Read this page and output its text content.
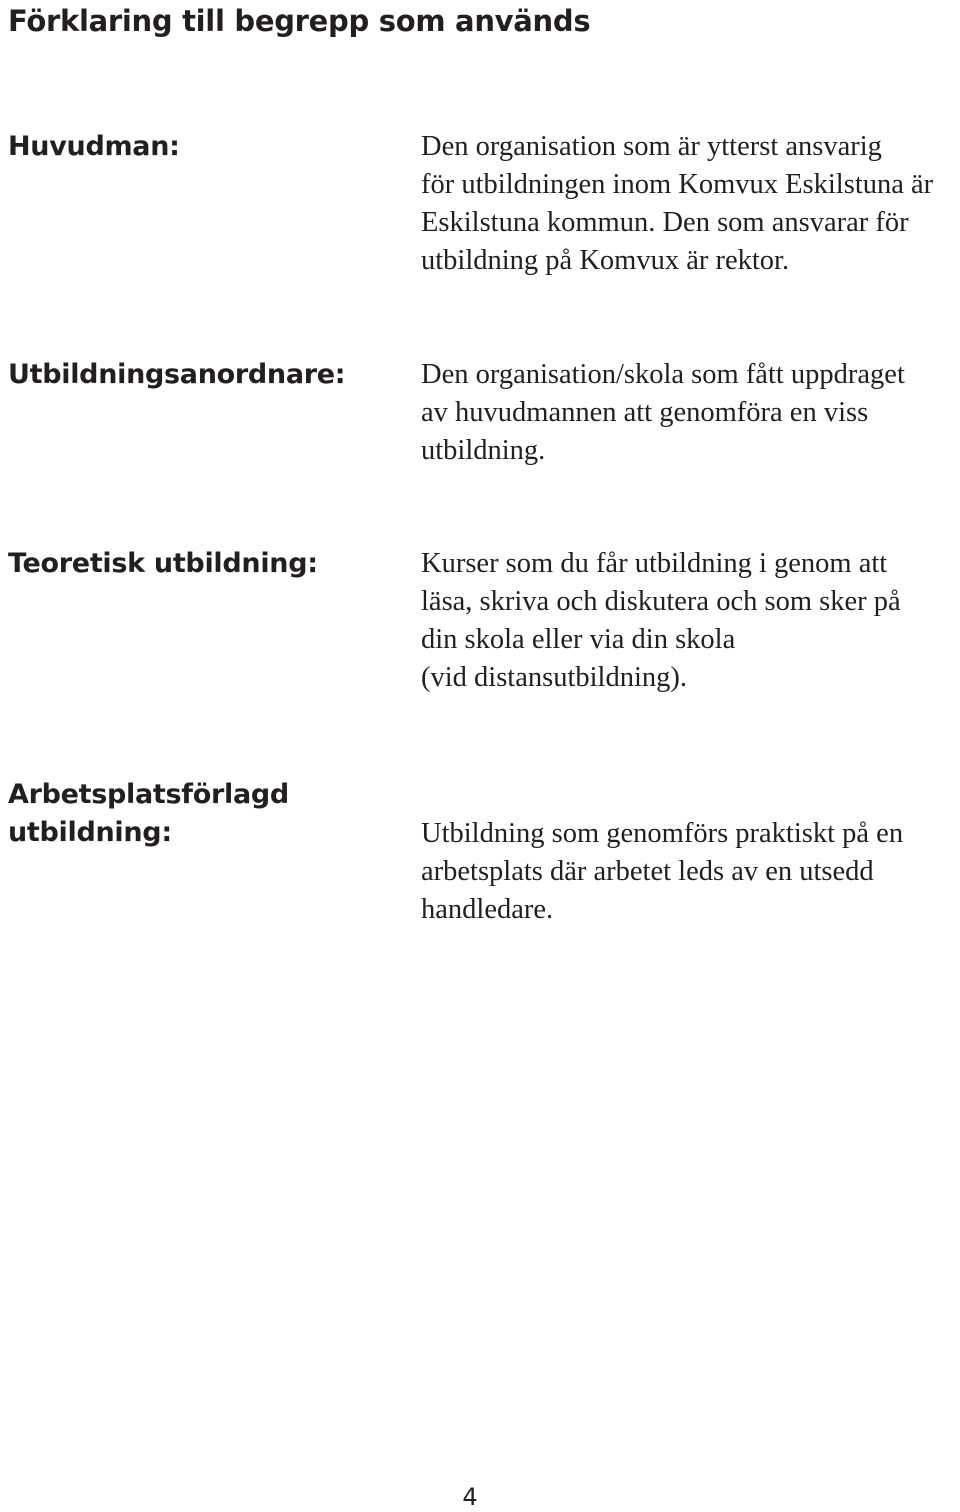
Förklaring till begrepp som används
Huvudman:	Den organisation som är ytterst ansvarig
för utbildningen inom Komvux Eskilstuna är
Eskilstuna kommun. Den som ansvarar för
utbildning på Komvux är rektor.
Utbildningsanordnare:	Den organisation/skola som fått uppdraget
av huvudmannen att genomföra en viss
utbildning.
Teoretisk utbildning:	Kurser som du får utbildning i genom att
läsa, skriva och diskutera och som sker på
din skola eller via din skola
(vid distansutbildning).
Arbetsplatsförlagd
utbildning:	Utbildning som genomförs praktiskt på en
arbetsplats där arbetet leds av en utsedd
handledare.
4
